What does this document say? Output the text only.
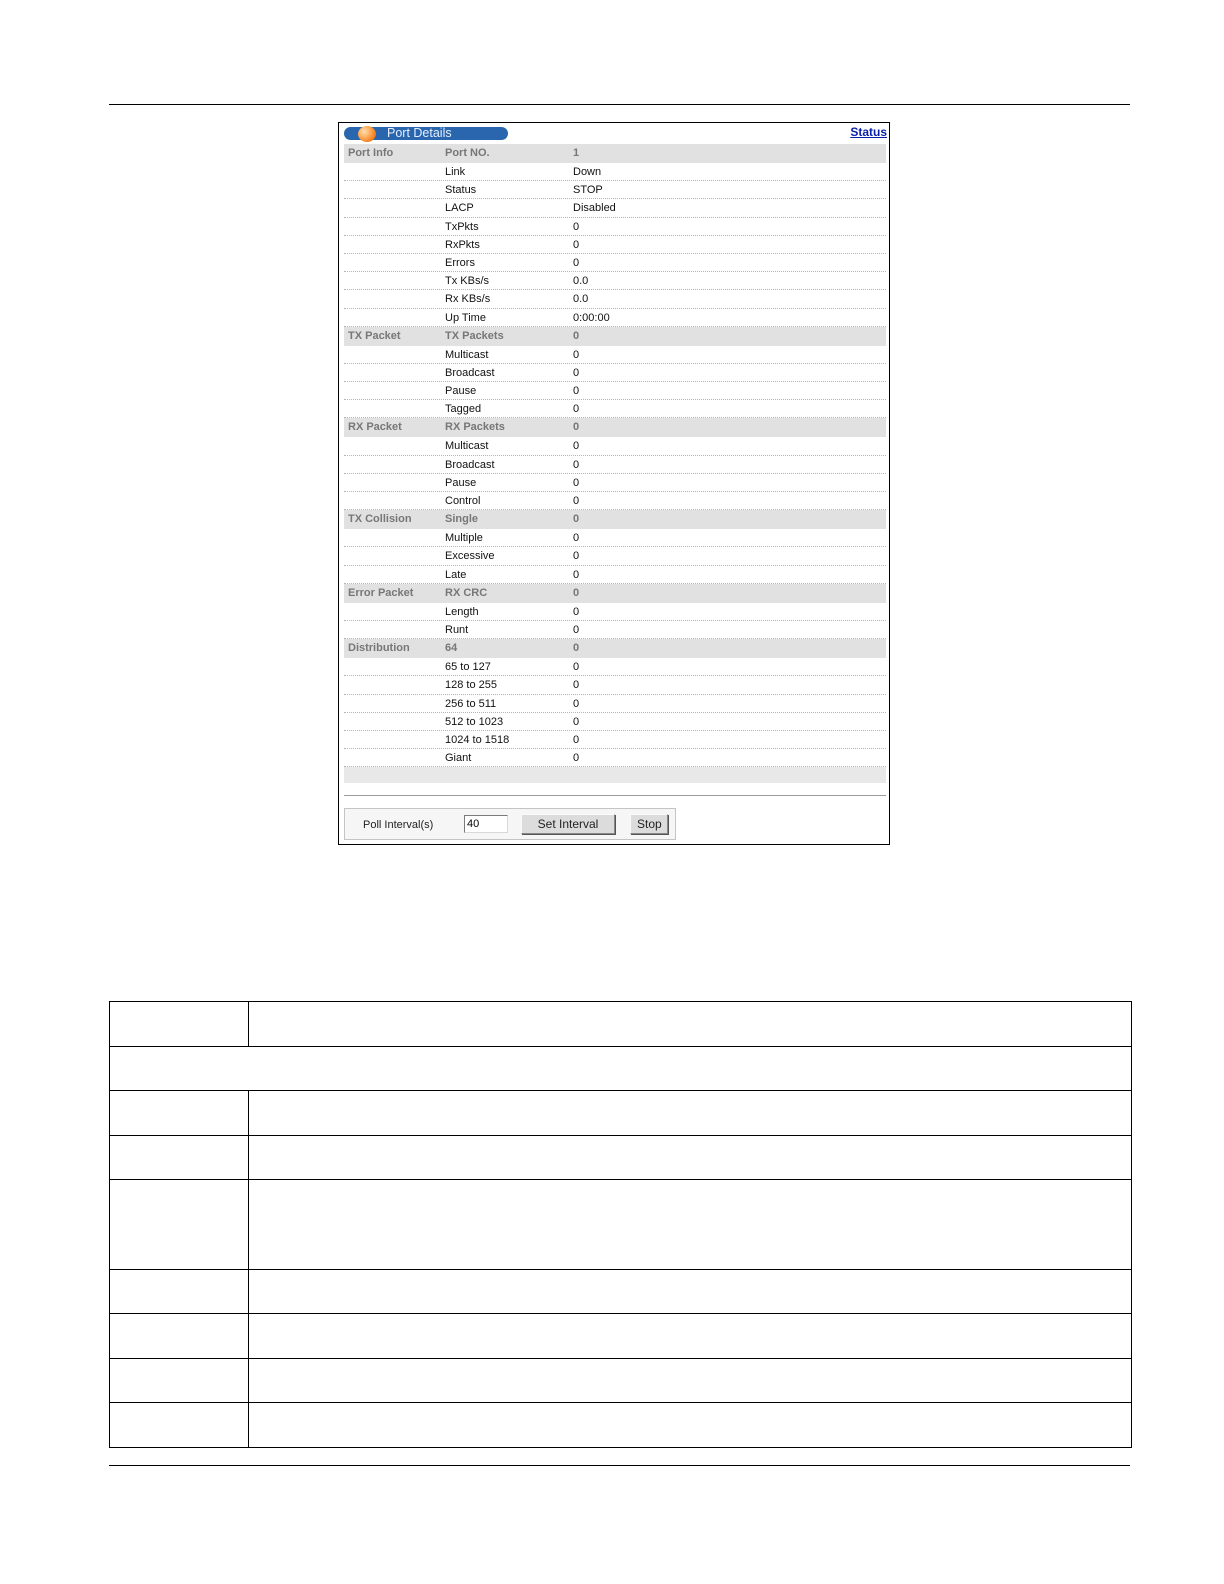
Port Details	Status
Port Info	Port NO.	1
Link	Down
Status	STOP
LACP	Disabled
TxPkts	0
RxPkts	0
Errors	0
Tx KBs/s	0.0
Rx KBs/s	0.0
Up Time	0:00:00
TX Packet	TX Packets	0
Multicast	0
Broadcast	0
Pause	0
Tagged	0
RX Packet	RX Packets	0
Multicast	0
Broadcast	0
Pause	0
Control	0
TX Collision	Single	0
Multiple	0
Excessive	0
Late	0
Error Packet	RX CRC	0
Length	0
Runt	0
Distribution	64	0
65 to 127	0
128 to 255	0
256 to 511	0
512 to 1023	0
1024 to 1518	0
Giant	0
Poll Interval(s)
40	Set Interval	Stop
